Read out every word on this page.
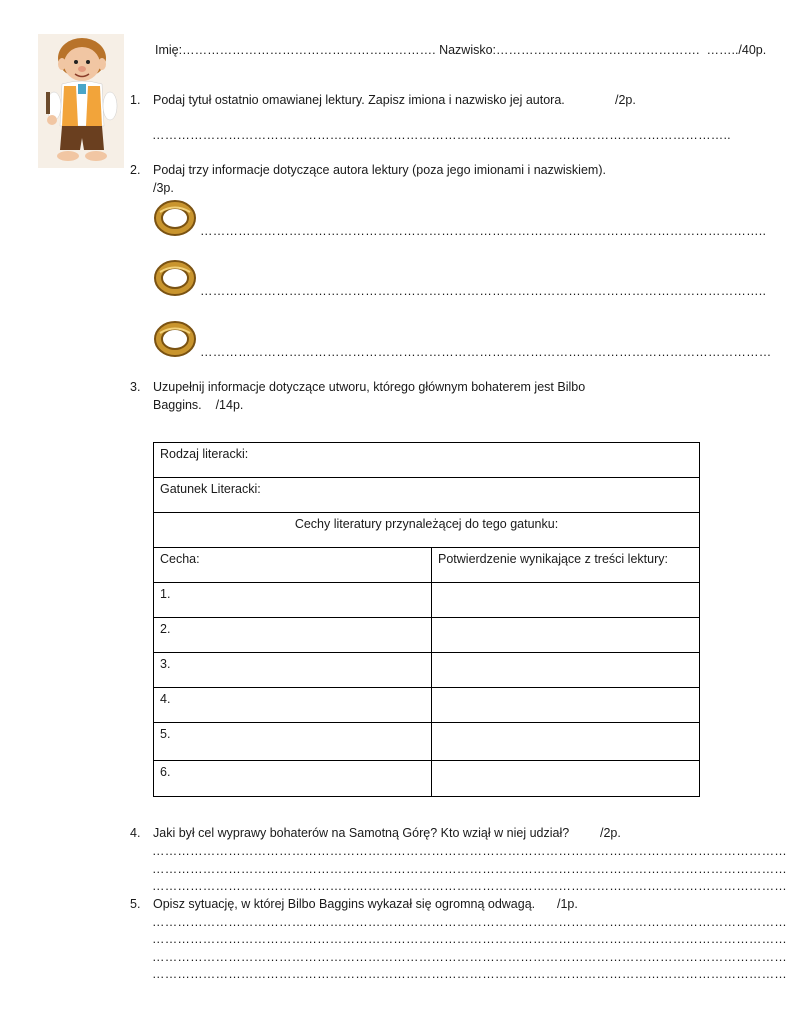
Imię:……………………………………………………. Nazwisko:…………………………………………. ……../40p.
1. Podaj tytuł ostatnio omawianej lektury. Zapisz imiona i nazwisko jej autora.	/2p.
………………………………………………………………………………………………………………………..
2. Podaj trzy informacje dotyczące autora lektury (poza jego imionami i nazwiskiem).
/3p.
……………………………………………………………………………………………………………………..
……………………………………………………………………………………………………………………..
………………………………………………………………………………………………………………………
3. Uzupełnij informacje dotyczące utworu, którego głównym bohaterem jest Bilbo
Baggins. /14p.
Rodzaj literacki:	
Gatunek Literacki:	
Cechy literatury przynależącej do tego gatunku:	
Cecha:	Potwierdzenie wynikające z treści lektury:
1.	
2.	
3.	
4.	
5.	
6.	
4. Jaki był cel wyprawy bohaterów na Samotną Górę? Kto wziął w niej udział? /2p.
……………………………………………………………………………………………………………………………………
……………………………………………………………………………………………………………………………………
……………………………………………………………………………………………………………………………………
5. Opisz sytuację, w której Bilbo Baggins wykazał się ogromną odwagą. /1p.
……………………………………………………………………………………………………………………………………
……………………………………………………………………………………………………………………………………
……………………………………………………………………………………………………………………………………
……………………………………………………………………………………………………………………………………
